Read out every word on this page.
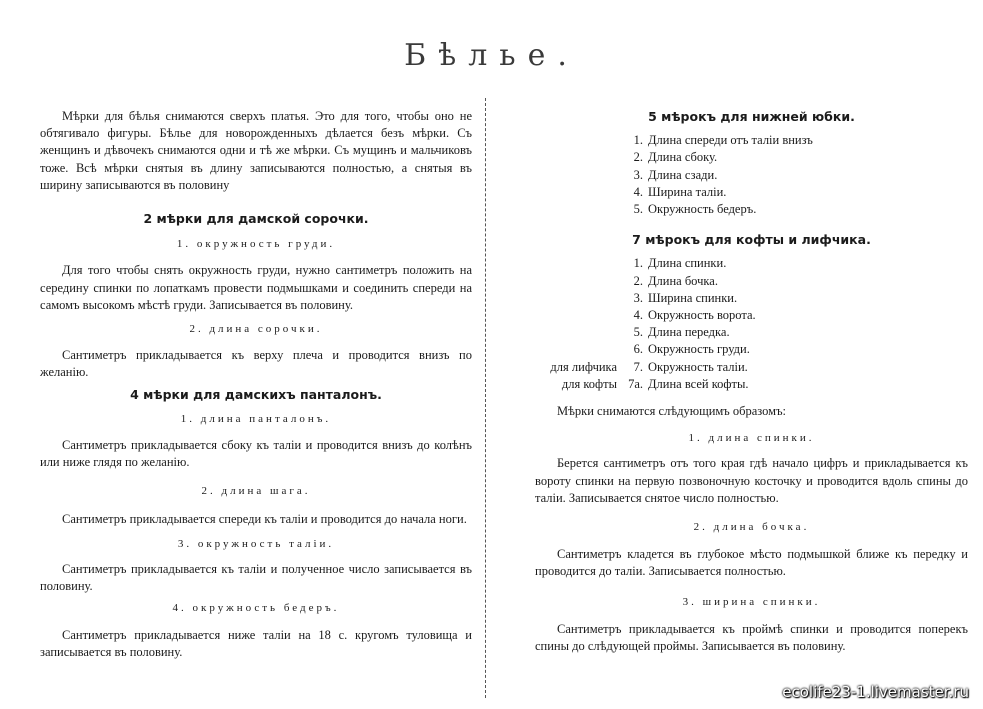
Бѣлье.

Мѣрки для бѣлья снимаются сверхъ платья. Это для того, чтобы оно не обтягивало фигуры. Бѣлье для новорожденныхъ дѣлается безъ мѣрки. Съ женщинъ и дѣвочекъ снимаются одни и тѣ же мѣрки. Съ мущинъ и мальчиковъ тоже. Всѣ мѣрки снятыя въ длину записываются полностью, а снятыя въ ширину записываются въ половину

2 мѣрки для дамской сорочки.
1. окружность груди.

Для того чтобы снять окружность груди, нужно сантиметръ положить на середину спинки по лопаткамъ провести подмышками и соединить спереди на самомъ высокомъ мѣстѣ груди. Записывается въ половину.

2. длина сорочки.

Сантиметръ прикладывается къ верху плеча и проводится внизъ по желанію.

4 мѣрки для дамскихъ панталонъ.
1. длина панталонъ.

Сантиметръ прикладывается сбоку къ таліи и проводится внизъ до колѣнъ или ниже глядя по желанію.

2. длина шага.

Сантиметръ прикладывается спереди къ таліи и проводится до начала ноги.

3. окружность таліи.

Сантиметръ прикладывается къ таліи и полученное число записывается въ половину.

4. окружность бедеръ.

Сантиметръ прикладывается ниже таліи на 18 с. кругомъ туловища и записывается въ половину.

5 мѣрокъ для нижней юбки.
1. Длина спереди отъ таліи внизъ
2. Длина сбоку.
3. Длина сзади.
4. Ширина таліи.
5. Окружность бедеръ.
7 мѣрокъ для кофты и лифчика.
1. Длина спинки.
2. Длина бочка.
3. Ширина спинки.
4. Окружность ворота.
5. Длина передка.
6. Окружность груди.
для лифчика	7. Окружность таліи.
для кофты 7а. Длина всей кофты.

Мѣрки снимаются слѣдующимъ образомъ:

1. длина спинки.

Берется сантиметръ отъ того края гдѣ начало цифръ и прикладывается къ вороту спинки на первую позвоночную косточку и проводится вдоль спины до таліи. Записывается снятое число полностью.

2. длина бочка.

Сантиметръ кладется въ глубокое мѣсто подмышкой ближе къ передку и проводится до таліи. Записывается полностью.

3. ширина спинки.

Сантиметръ прикладывается къ проймѣ спинки и проводится поперекъ спины до слѣдующей проймы. Записывается въ половину.

ecolife23-1.livemaster.ru
